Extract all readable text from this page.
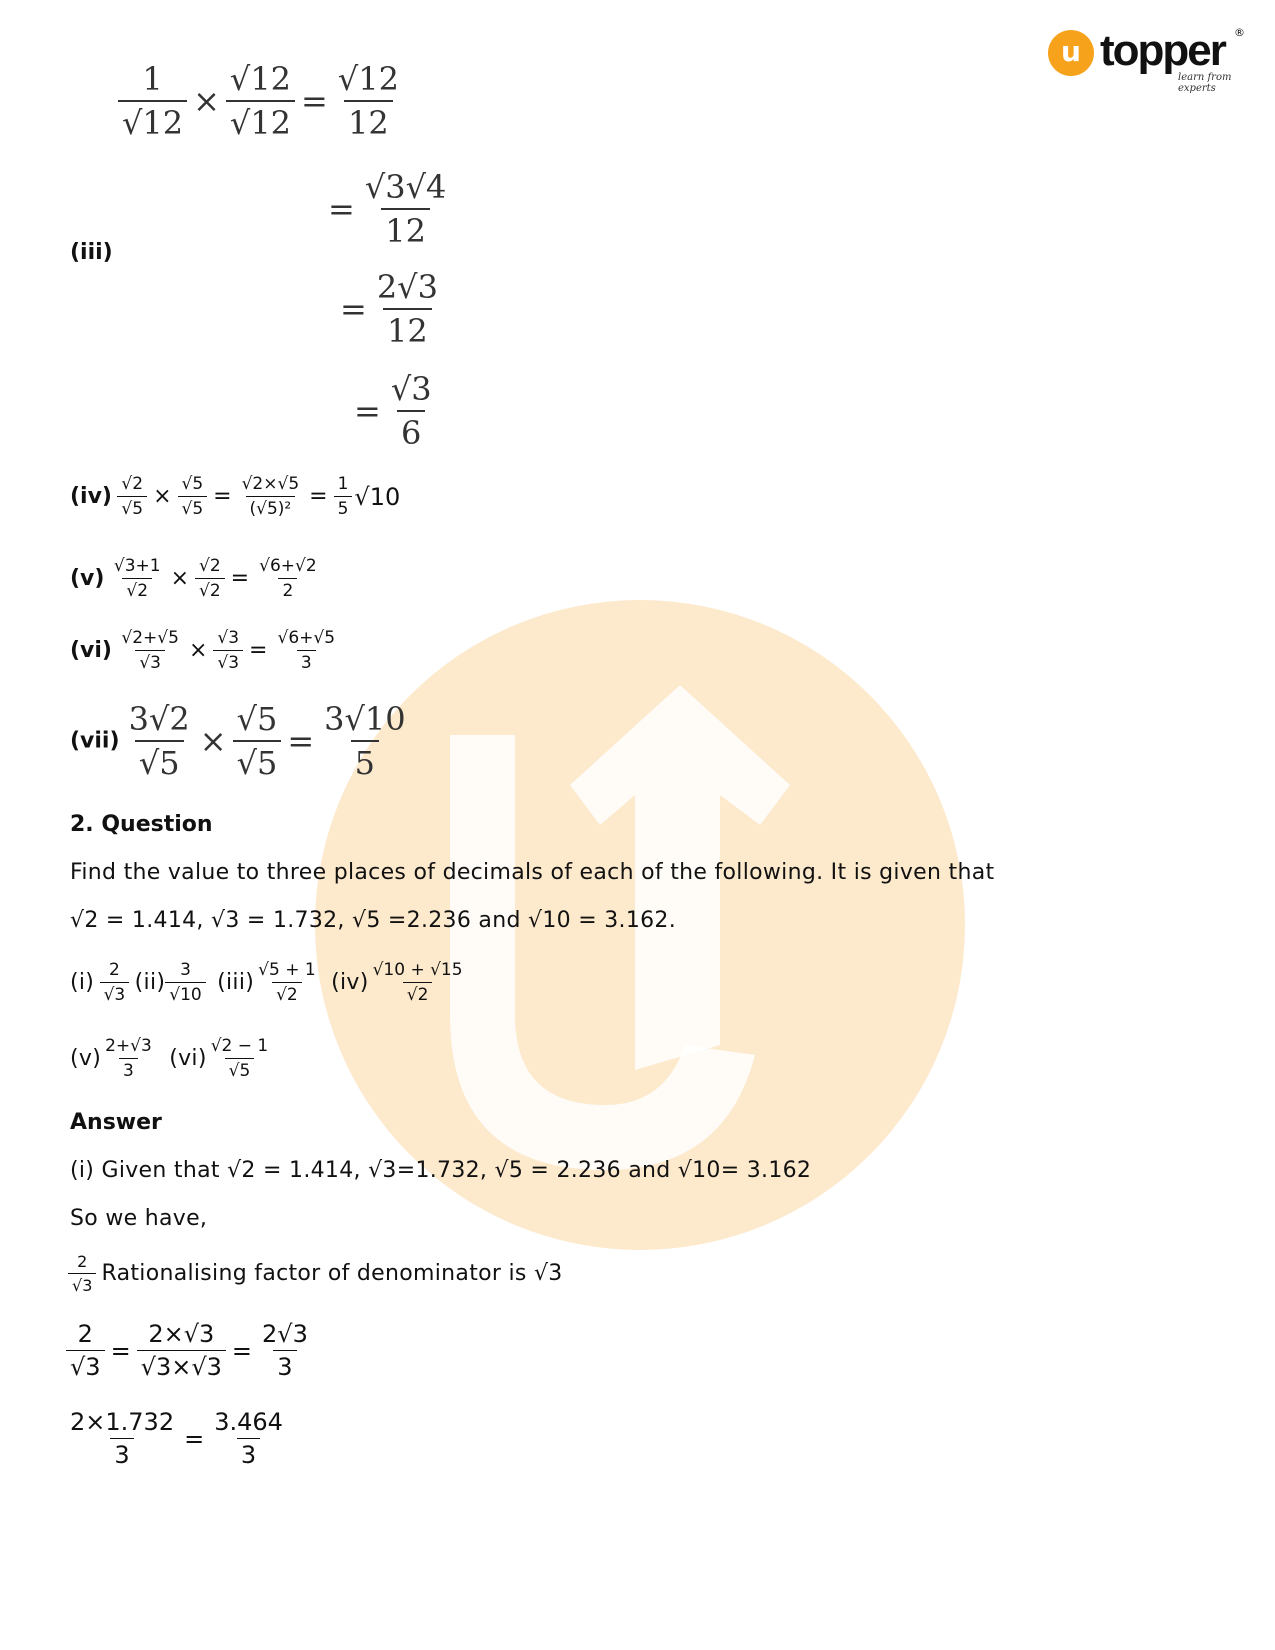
u topper
learn from experts
®
$\frac{1}{√12} \times \frac{√12}{√12} = \frac{√12}{12}$
= $\frac{√3√4}{12}$
(iii)
= $\frac{2√3}{12}$
= $\frac{√3}{6}$
$(iv) \frac{√2}{√5} \times \frac{√5}{√5} = \frac{√2\times√5}{\text{(√5)²}} = \frac{1}{5} √10$
$(v) \frac{√3+1}{√2} \times \frac{√2}{√2} = \frac{√6+√2}{2}$
$(vi) \frac{√2+√5}{√3} \times \frac{√3}{√3} = \frac{√6+√5}{3}$
$(vii) \frac{3√2}{√5} \times \frac{√5}{√5} = \frac{3√10}{5}$
2. Question
Find the value to three places of decimals of each of the following. It is given that
√2 = 1.414, √3 = 1.732, √5 =2.236 and √10 = 3.162.
$(i) \frac{2}{√3} (ii) \frac{3}{√10} (iii) \frac{√5 + 1}{√2} (iv) \frac{√10 + √15}{√2}$
$(v) \frac{2+√3}{3} (vi) \frac{√2 - 1}{√5}$
Answer
(i) Given that √2 = 1.414, √3=1.732, √5 = 2.236 and √10= 3.162
So we have,
$\frac{2}{√3}$ Rationalising factor of denominator is √3
$\frac{2}{√3} = \frac{2\times√3}{√3\times√3} = \frac{2√3}{3}$
$\frac{2\times 1.732}{3} = \frac{3.464}{3}$
